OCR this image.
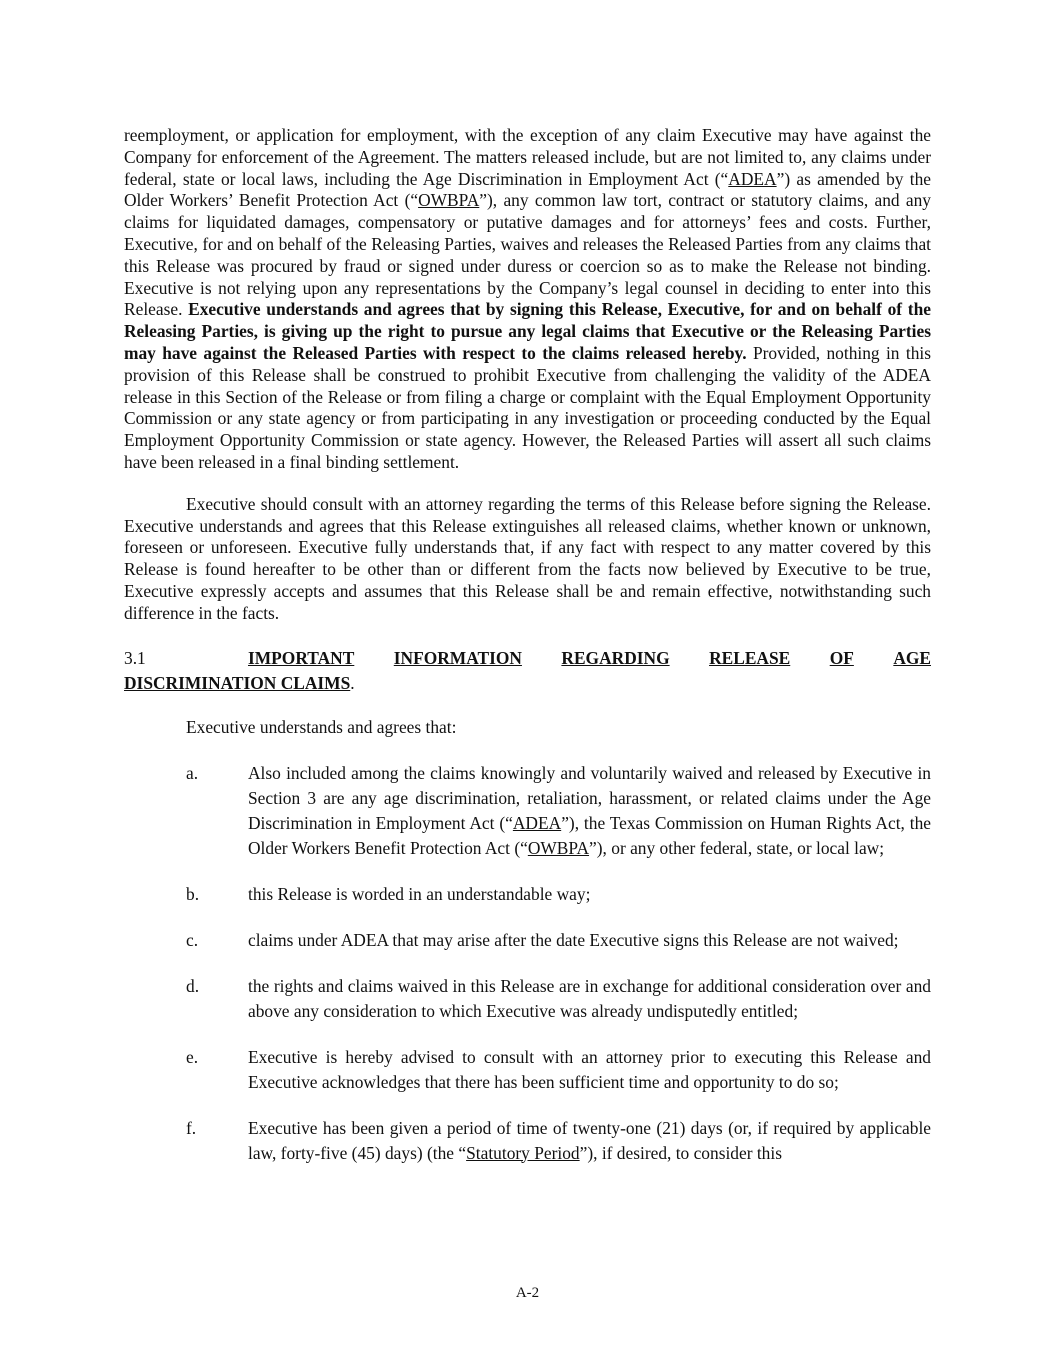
reemployment, or application for employment, with the exception of any claim Executive may have against the Company for enforcement of the Agreement. The matters released include, but are not limited to, any claims under federal, state or local laws, including the Age Discrimination in Employment Act (“ADEA”) as amended by the Older Workers’ Benefit Protection Act (“OWBPA”), any common law tort, contract or statutory claims, and any claims for liquidated damages, compensatory or putative damages and for attorneys’ fees and costs. Further, Executive, for and on behalf of the Releasing Parties, waives and releases the Released Parties from any claims that this Release was procured by fraud or signed under duress or coercion so as to make the Release not binding. Executive is not relying upon any representations by the Company’s legal counsel in deciding to enter into this Release. Executive understands and agrees that by signing this Release, Executive, for and on behalf of the Releasing Parties, is giving up the right to pursue any legal claims that Executive or the Releasing Parties may have against the Released Parties with respect to the claims released hereby. Provided, nothing in this provision of this Release shall be construed to prohibit Executive from challenging the validity of the ADEA release in this Section of the Release or from filing a charge or complaint with the Equal Employment Opportunity Commission or any state agency or from participating in any investigation or proceeding conducted by the Equal Employment Opportunity Commission or state agency. However, the Released Parties will assert all such claims have been released in a final binding settlement.

Executive should consult with an attorney regarding the terms of this Release before signing the Release. Executive understands and agrees that this Release extinguishes all released claims, whether known or unknown, foreseen or unforeseen. Executive fully understands that, if any fact with respect to any matter covered by this Release is found hereafter to be other than or different from the facts now believed by Executive to be true, Executive expressly accepts and assumes that this Release shall be and remain effective, notwithstanding such difference in the facts.

3.1	IMPORTANT INFORMATION REGARDING RELEASE OF AGE
DISCRIMINATION CLAIMS.
Executive understands and agrees that:
a.	Also included among the claims knowingly and voluntarily waived and released by Executive in Section 3 are any age discrimination, retaliation, harassment, or related claims under the Age Discrimination in Employment Act (“ADEA”), the Texas Commission on Human Rights Act, the Older Workers Benefit Protection Act (“OWBPA”), or any other federal, state, or local law;
b.	this Release is worded in an understandable way;
c.	claims under ADEA that may arise after the date Executive signs this Release are not waived;
d.	the rights and claims waived in this Release are in exchange for additional consideration over and above any consideration to which Executive was already undisputedly entitled;
e.	Executive is hereby advised to consult with an attorney prior to executing this Release and Executive acknowledges that there has been sufficient time and opportunity to do so;
f.	Executive has been given a period of time of twenty-one (21) days (or, if required by applicable law, forty-five (45) days) (the “Statutory Period”), if desired, to consider this
A-2
